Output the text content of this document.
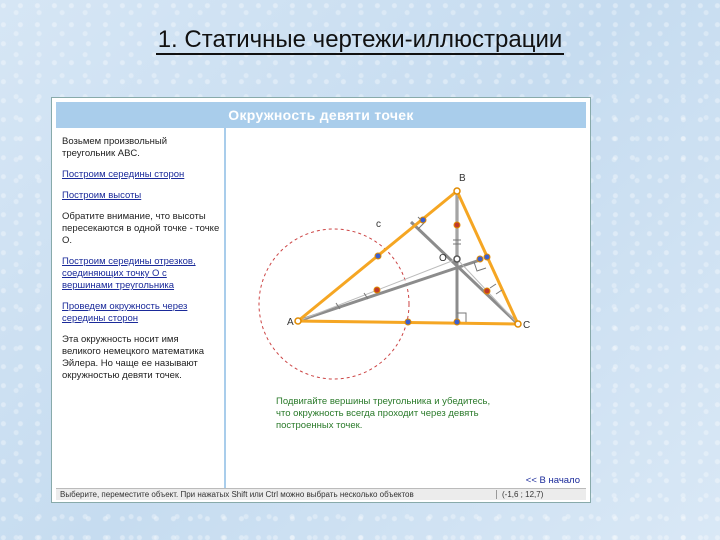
1. Статичные чертежи-иллюстрации
Окружность девяти точек

Возьмем произвольный треугольник ABC.

Построим середины сторон

Построим высоты

Обратите внимание, что высоты пересекаются в одной точке - точке O.

Построим середины отрезков, соединяющих точку O с вершинами треугольника

Проведем окружность через середины сторон

Эта окружность носит имя великого немецкого математика Эйлера. Но чаще ее называют окружностью девяти точек.

A
B
C
O
c
Подвигайте вершины треугольника и убедитесь, что окружность всегда проходит через девять построенных точек.
<< В начало
Выберите, переместите объект. При нажатых Shift или Ctrl можно выбрать несколько объектов	(-1,6 ; 12,7)
